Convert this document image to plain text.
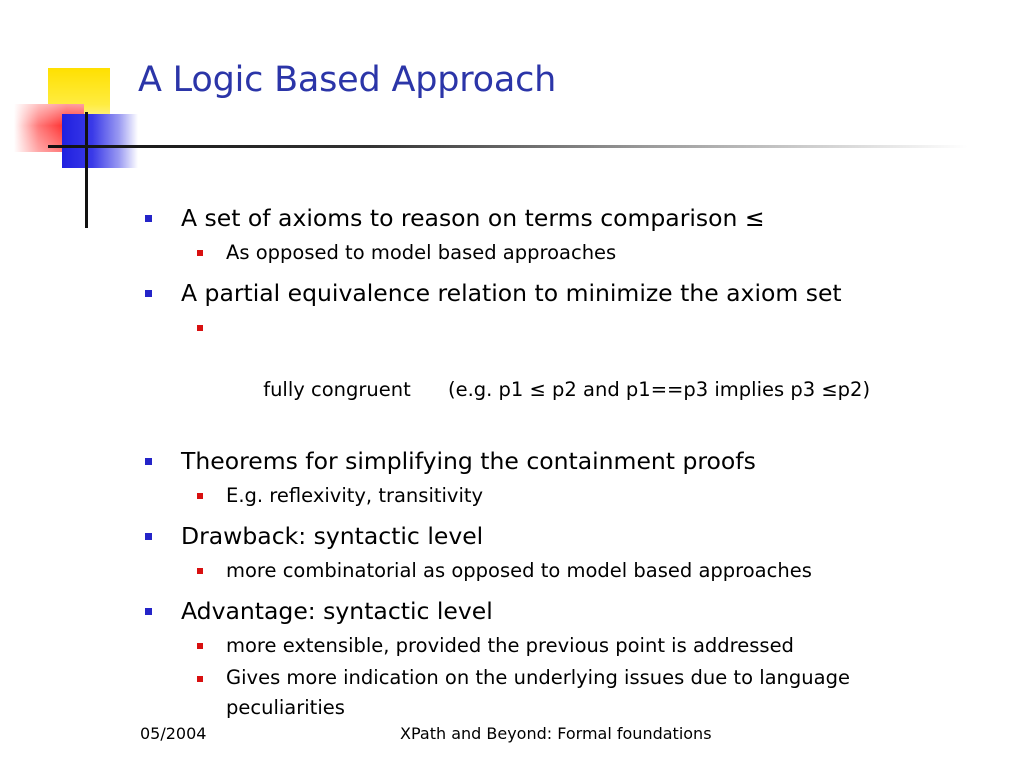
A Logic Based Approach
A set of axioms to reason on terms comparison ≤
As opposed to model based approaches
A partial equivalence relation to minimize the axiom set

fully congruent      (e.g. p1 ≤ p2 and p1==p3 implies p3 ≤p2)

Theorems for simplifying the containment proofs
E.g. reflexivity, transitivity
Drawback: syntactic level
more combinatorial as opposed to model based approaches
Advantage: syntactic level
more extensible, provided the previous point is addressed
Gives more indication on the underlying issues due to language peculiarities
05/2004	XPath and Beyond: Formal foundations
